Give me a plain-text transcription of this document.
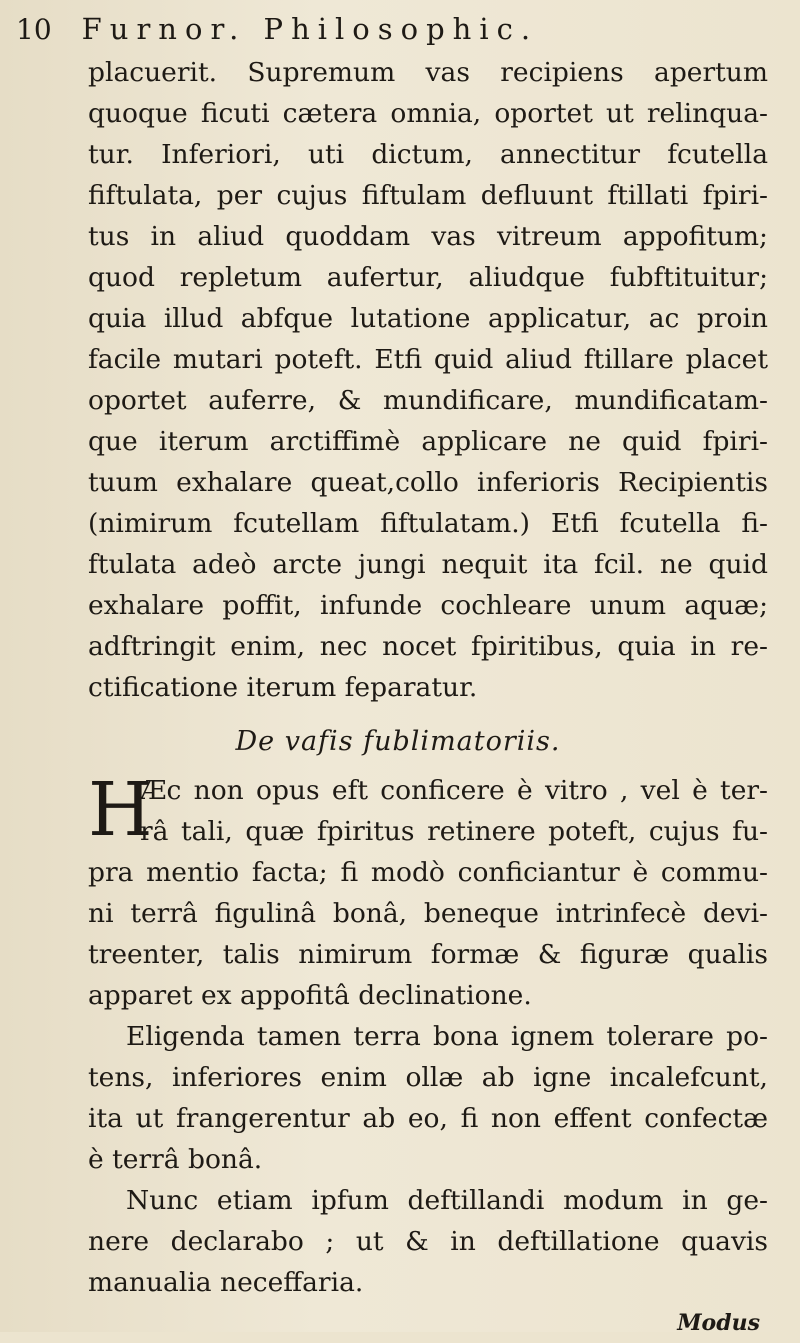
10 Furnor. Philosophic.
placuerit. Supremum vas recipiens apertum
quoque ficuti cætera omnia, oportet ut relinqua-
tur. Inferiori, uti dictum, annectitur fcutella
fiftulata, per cujus fiftulam defluunt ftillati fpiri-
tus in aliud quoddam vas vitreum appofitum;
quod repletum aufertur, aliudque fubftituitur;
quia illud abfque lutatione applicatur, ac proin
facile mutari poteft. Etfi quid aliud ftillare placet
oportet auferre, & mundificare, mundificatam-
que iterum arctiffimè applicare ne quid fpiri-
tuum exhalare queat,collo inferioris Recipientis
(nimirum fcutellam fiftulatam.) Etfi fcutella fi-
ftulata adeò arcte jungi nequit ita fcil. ne quid
exhalare poffit, infunde cochleare unum aquæ;
adftringit enim, nec nocet fpiritibus, quia in re-
ctificatione iterum feparatur.
De vafis fublimatoriis.
H
Æc non opus eft conficere è vitro , vel è ter-
râ tali, quæ fpiritus retinere poteft, cujus fu-
pra mentio facta; fi modò conficiantur è commu-
ni terrâ figulinâ bonâ, beneque intrinfecè devi-
treenter, talis nimirum formæ & figuræ qualis
apparet ex appofitâ declinatione.
Eligenda tamen terra bona ignem tolerare po-
tens, inferiores enim ollæ ab igne incalefcunt,
ita ut frangerentur ab eo, fi non effent confectæ
è terrâ bonâ.
Nunc etiam ipfum deftillandi modum in ge-
nere declarabo ; ut & in deftillatione quavis
manualia neceffaria.
Modus
